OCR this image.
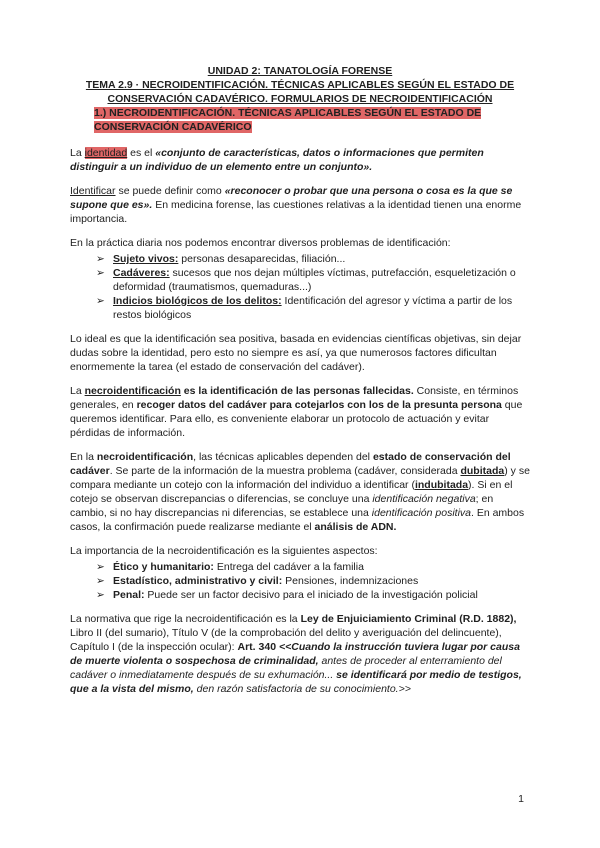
UNIDAD 2: TANATOLOGÍA FORENSE

TEMA 2.9 · NECROIDENTIFICACIÓN. TÉCNICAS APLICABLES SEGÚN EL ESTADO DE CONSERVACIÓN CADAVÉRICO. FORMULARIOS DE NECROIDENTIFICACIÓN

1.) NECROIDENTIFICACIÓN. TÉCNICAS APLICABLES SEGÚN EL ESTADO DE CONSERVACIÓN CADAVÉRICO

La identidad es el «conjunto de características, datos o informaciones que permiten distinguir a un individuo de un elemento entre un conjunto».

Identificar se puede definir como «reconocer o probar que una persona o cosa es la que se supone que es». En medicina forense, las cuestiones relativas a la identidad tienen una enorme importancia.

En la práctica diaria nos podemos encontrar diversos problemas de identificación:

➢ Sujeto vivos: personas desaparecidas, filiación...
➢ Cadáveres: sucesos que nos dejan múltiples víctimas, putrefacción, esqueletización o deformidad (traumatismos, quemaduras...)
➢ Indicios biológicos de los delitos: Identificación del agresor y víctima a partir de los restos biológicos

Lo ideal es que la identificación sea positiva, basada en evidencias científicas objetivas, sin dejar dudas sobre la identidad, pero esto no siempre es así, ya que numerosos factores dificultan enormemente la tarea (el estado de conservación del cadáver).

La necroidentificación es la identificación de las personas fallecidas. Consiste, en términos generales, en recoger datos del cadáver para cotejarlos con los de la presunta persona que queremos identificar. Para ello, es conveniente elaborar un protocolo de actuación y evitar pérdidas de información.

En la necroidentificación, las técnicas aplicables dependen del estado de conservación del cadáver. Se parte de la información de la muestra problema (cadáver, considerada dubitada) y se compara mediante un cotejo con la información del individuo a identificar (indubitada). Si en el cotejo se observan discrepancias o diferencias, se concluye una identificación negativa; en cambio, si no hay discrepancias ni diferencias, se establece una identificación positiva. En ambos casos, la confirmación puede realizarse mediante el análisis de ADN.

La importancia de la necroidentificación es la siguientes aspectos:

➢ Ético y humanitario: Entrega del cadáver a la familia
➢ Estadístico, administrativo y civil: Pensiones, indemnizaciones
➢ Penal: Puede ser un factor decisivo para el iniciado de la investigación policial

La normativa que rige la necroidentificación es la Ley de Enjuiciamiento Criminal (R.D. 1882), Libro II (del sumario), Título V (de la comprobación del delito y averiguación del delincuente), Capítulo I (de la inspección ocular): Art. 340 <<Cuando la instrucción tuviera lugar por causa de muerte violenta o sospechosa de criminalidad, antes de proceder al enterramiento del cadáver o inmediatamente después de su exhumación... se identificará por medio de testigos, que a la vista del mismo, den razón satisfactoria de su conocimiento.>>

1
